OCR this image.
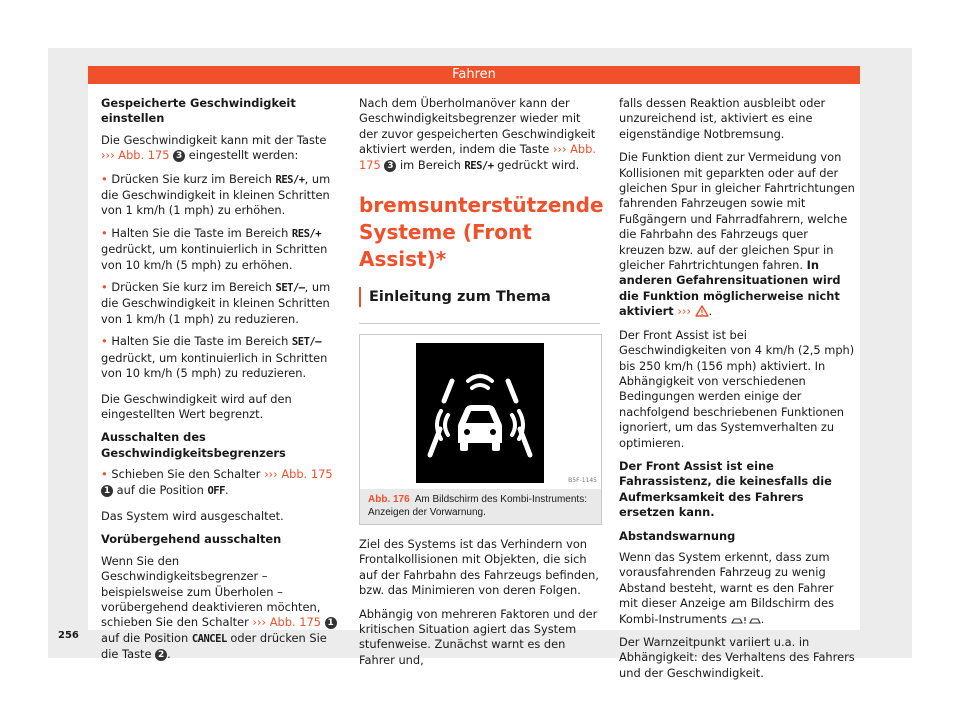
Fahren

Gespeicherte Geschwindigkeit einstellen

Die Geschwindigkeit kann mit der Taste
››› Abb. 175 3 eingestellt werden:

• Drücken Sie kurz im Bereich RES/+, um die Geschwindigkeit in kleinen Schritten von 1 km/h (1 mph) zu erhöhen.

• Halten Sie die Taste im Bereich RES/+ gedrückt, um kontinuierlich in Schritten von 10 km/h (5 mph) zu erhöhen.

• Drücken Sie kurz im Bereich SET/–, um die Geschwindigkeit in kleinen Schritten von 1 km/h (1 mph) zu reduzieren.

• Halten Sie die Taste im Bereich SET/– gedrückt, um kontinuierlich in Schritten von 10 km/h (5 mph) zu reduzieren.

Die Geschwindigkeit wird auf den eingestellten Wert begrenzt.

Ausschalten des Geschwindigkeitsbegrenzers

• Schieben Sie den Schalter ››› Abb. 175 1 auf die Position OFF.

Das System wird ausgeschaltet.

Vorübergehend ausschalten

Wenn Sie den Geschwindigkeitsbegrenzer – beispielsweise zum Überholen – vorübergehend deaktivieren möchten, schieben Sie den Schalter ››› Abb. 175 1 auf die Position CANCEL oder drücken Sie die Taste 2 .

Nach dem Überholmanöver kann der Geschwindigkeitsbegrenzer wieder mit der zuvor gespeicherten Geschwindigkeit aktiviert werden, indem die Taste ››› Abb. 175 3 im Bereich RES/+ gedrückt wird.

bremsunterstützende Systeme (Front Assist)*

Einleitung zum Thema

B5F-1145
Abb. 176 Am Bildschirm des Kombi-Instruments: Anzeigen der Vorwarnung.

Ziel des Systems ist das Verhindern von Frontalkollisionen mit Objekten, die sich auf der Fahrbahn des Fahrzeugs befinden, bzw. das Minimieren von deren Folgen.

Abhängig von mehreren Faktoren und der kritischen Situation agiert das System stufenweise. Zunächst warnt es den Fahrer und,

falls dessen Reaktion ausbleibt oder unzureichend ist, aktiviert es eine eigenständige Notbremsung.

Die Funktion dient zur Vermeidung von Kollisionen mit geparkten oder auf der gleichen Spur in gleicher Fahrtrichtungen fahrenden Fahrzeugen sowie mit Fußgängern und Fahrradfahrern, welche die Fahrbahn des Fahrzeugs quer kreuzen bzw. auf der gleichen Spur in gleicher Fahrtrichtungen fahren. In anderen Gefahrensituationen wird die Funktion möglicherweise nicht aktiviert ››› .

Der Front Assist ist bei Geschwindigkeiten von 4 km/h (2,5 mph) bis 250 km/h (156 mph) aktiviert. In Abhängigkeit von verschiedenen Bedingungen werden einige der nachfolgend beschriebenen Funktionen ignoriert, um das Systemverhalten zu optimieren.

Der Front Assist ist eine Fahrassistenz, die keinesfalls die Aufmerksamkeit des Fahrers ersetzen kann.

Abstandswarnung

Wenn das System erkennt, dass zum vorausfahrenden Fahrzeug zu wenig Abstand besteht, warnt es den Fahrer mit dieser Anzeige am Bildschirm des Kombi-Instruments	.

Der Warnzeitpunkt variiert u.a. in Abhängigkeit: des Verhaltens des Fahrers und der Geschwindigkeit.

256
